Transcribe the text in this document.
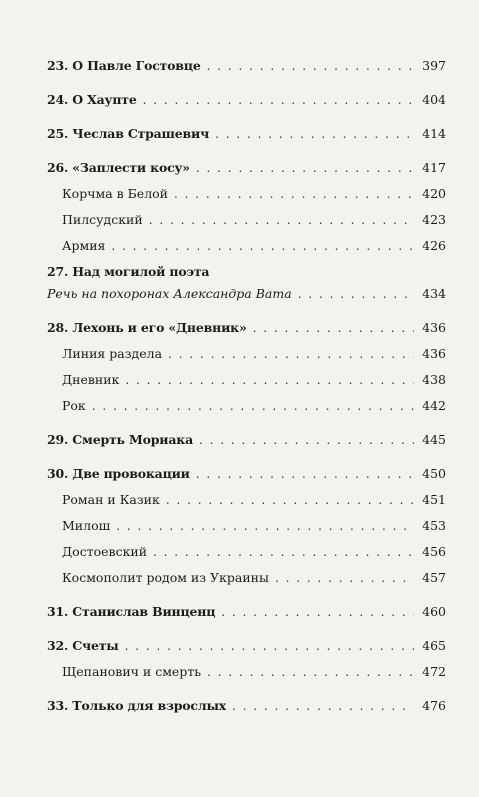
23. О Павле Гостовце . . .	397
24. О Хаупте . . .	404
25. Чеслав Страшевич . . .	414
26. «Заплести косу» . . .	417
Корчма в Белой . . .	420
Пилсудский . . .	423
Армия . . .	426
27. Над могилой поэта
Речь на похоронах Александра Вата . . .	434
28. Лехонь и его «Дневник» . . .	436
Линия раздела . . .	436
Дневник . . .	438
Рок . . .	442
29. Смерть Мориака . . .	445
30. Две провокации . . .	450
Роман и Казик . . .	451
Милош . . .	453
Достоевский . . .	456
Космополит родом из Украины . . .	457
31. Станислав Винценц . . .	460
32. Счеты . . .	465
Щепанович и смерть . . .	472
33. Только для взрослых . . .	476
